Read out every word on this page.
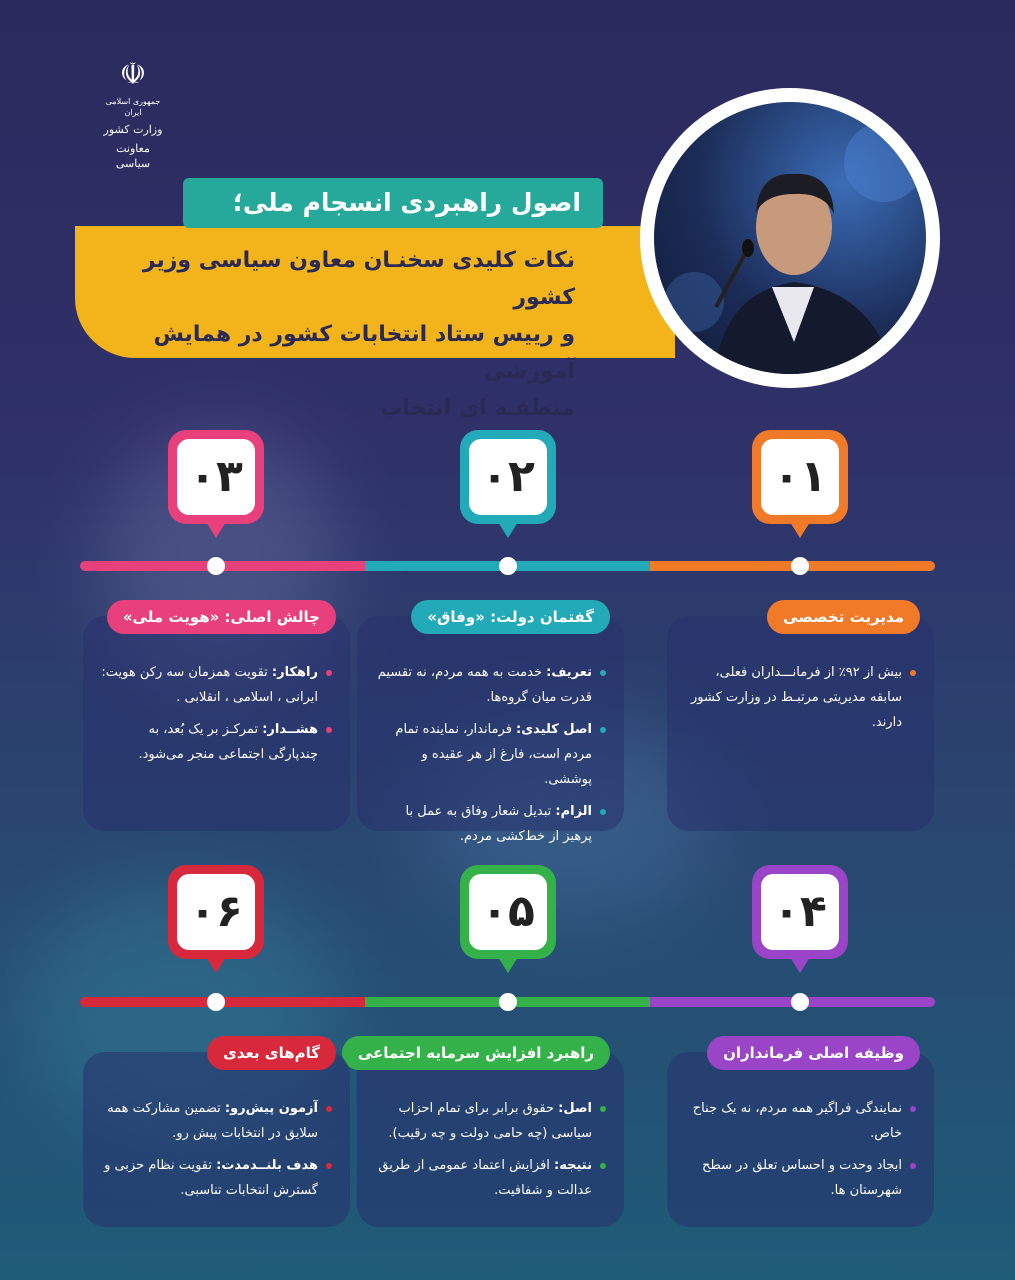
☫
جمهوری اسلامی ایران
وزارت کشور
معاونت سیاسی
نکات کلیدی سخنـان معاون سیاسی وزیر کشور
و رییس ستاد انتخابات کشور در همایش آموزشی
منطقـه ای انتخاب
اصول راهبردی انسجام ملی؛
۰۳	۰۲	۰۱
مدیریت تخصصی

بیش از ۹۲٪ از فرمانـــداران فعلی، سابقه مدیریتی مرتبـط در وزارت کشور دارند.

گفتمان دولت: «وفاق»

تعریف: خدمت به همه مردم، نه تقسیم قدرت میان گروه‌ها.

اصل کلیدی: فرماندار، نماینده تمام مردم است، فارغ از هر عقیده و پوششی.

الزام: تبدیل شعار وفاق به عمل با پرهیز از خط‌کشی مردم.

چالش اصلی: «هویت ملی»

راهکار: تقویت همزمان سه رکن هویت: ایرانی ، اسلامی ، انقلابی .

هشــدار: تمرکـز بر یک بُعد، به چندپارگی اجتماعی منجر می‌شود.

۰۶	۰۵	۰۴
وظیفه اصلی فرمانداران

نمایندگی فراگیر همه مردم، نه یک جناح خاص.

ایجاد وحدت و احساس تعلق در سطح شهرستان ها.

راهبرد افزایش سرمایه اجتماعی

اصل: حقوق برابر برای تمام احزاب سیاسی (چه حامی دولت و چه رقیب).

نتیجه: افزایش اعتماد عمومی از طریق عدالت و شفافیت.

گام‌های بعدی

آزمون پیش‌رو: تضمین مشارکت همه سلایق در انتخابات پیش رو.

هدف بلنــدمدت: تقویت نظام حزبی و گسترش انتخابات تناسبی.
